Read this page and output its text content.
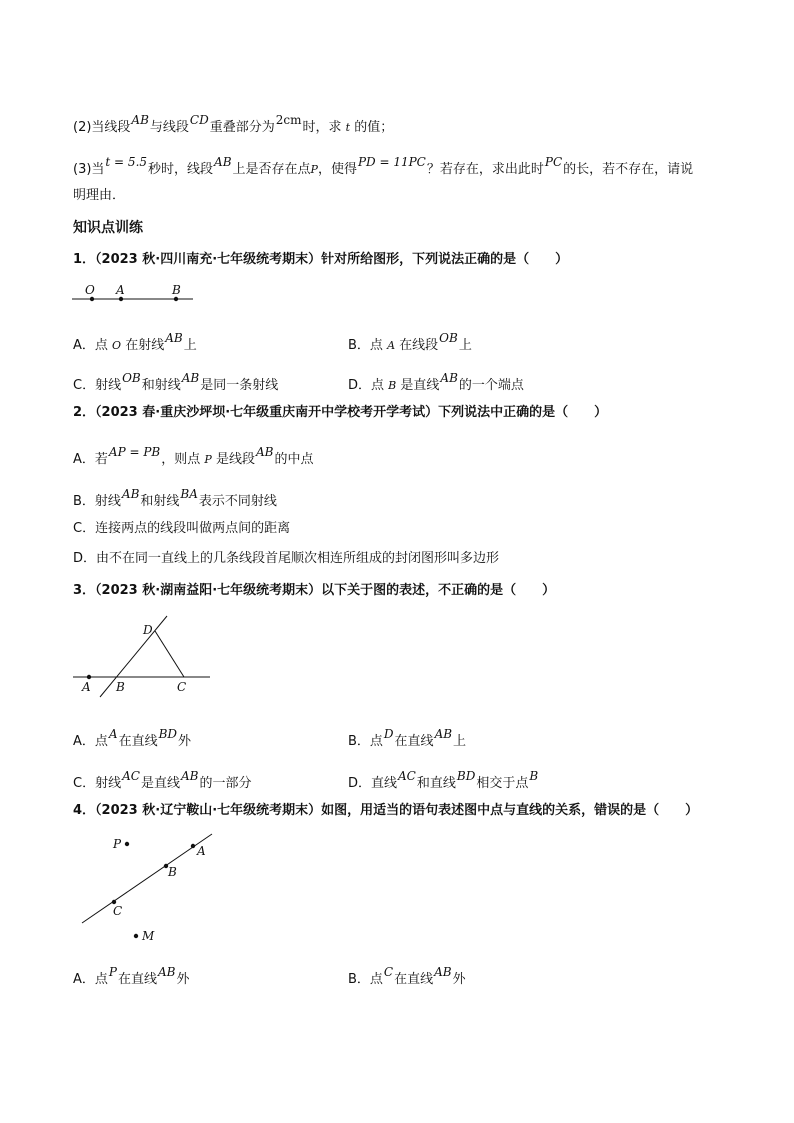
(2)当线段AB与线段CD重叠部分为2cm时，求 t 的值；
(3)当t = 5.5秒时，线段AB上是否存在点P，使得PD = 11PC？若存在，求出此时PC的长，若不存在，请说
明理由．
知识点训练
1．（2023 秋·四川南充·七年级统考期末）针对所给图形，下列说法正确的是（　　）
O A	B
A．点 O 在射线AB上	B．点 A 在线段OB上
C．射线OB和射线AB是同一条射线	D．点 B 是直线AB的一个端点
2．（2023 春·重庆沙坪坝·七年级重庆南开中学校考开学考试）下列说法中正确的是（　　）
A．若AP = PB，则点 P 是线段AB的中点
B．射线AB和射线BA表示不同射线
C．连接两点的线段叫做两点间的距离
D．由不在同一直线上的几条线段首尾顺次相连所组成的封闭图形叫多边形
3．（2023 秋·湖南益阳·七年级统考期末）以下关于图的表述，不正确的是（　　）
D
A B	C
A．点A在直线BD外	B．点D在直线AB上
C．射线AC是直线AB的一部分	D．直线AC和直线BD相交于点B
4．（2023 秋·辽宁鞍山·七年级统考期末）如图，用适当的语句表述图中点与直线的关系，错误的是（　　）
P	A
B
C
M
A．点P在直线AB外	B．点C在直线AB外
